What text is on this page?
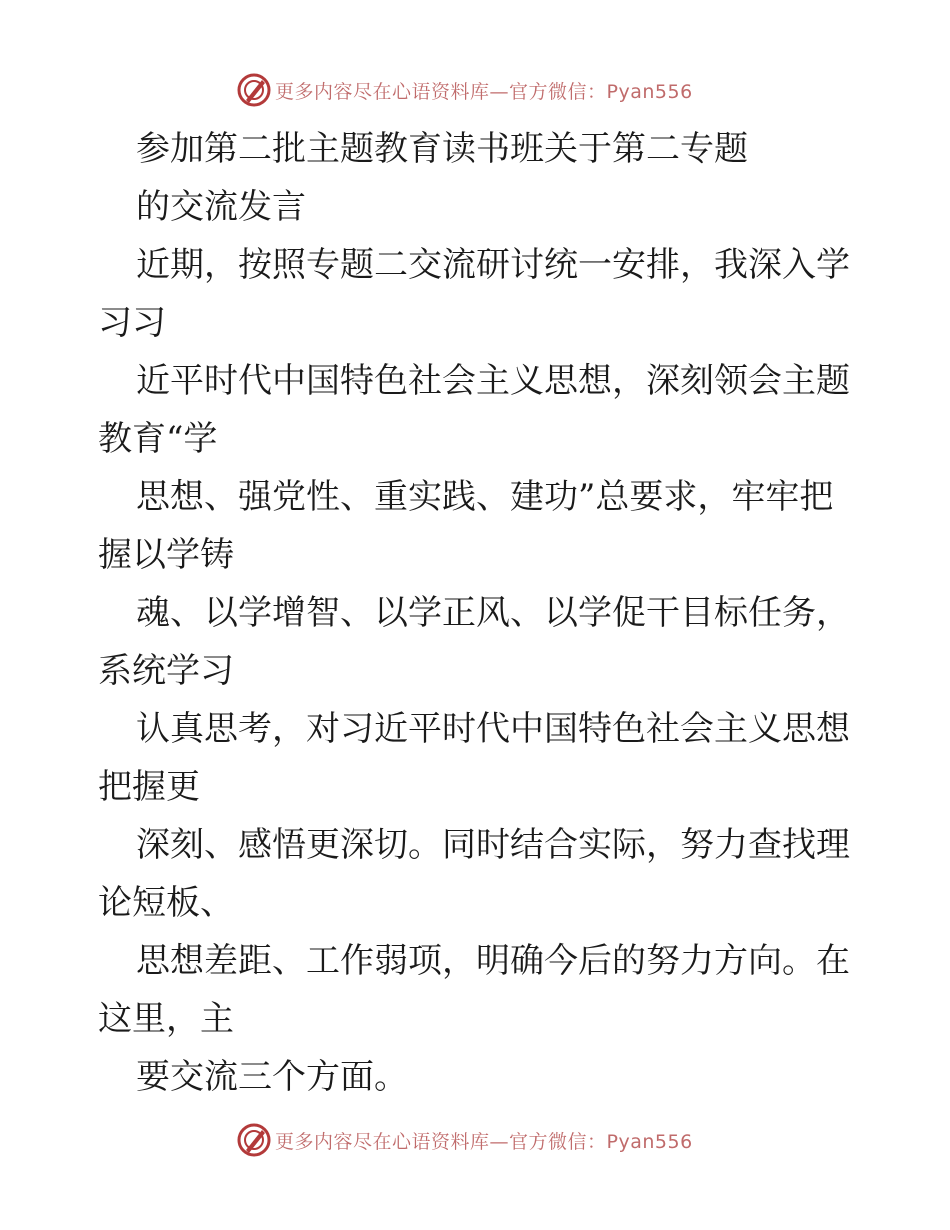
更多内容尽在心语资料库—官方微信：Pyan556

参加第二批主题教育读书班关于第二专题

的交流发言

近期，按照专题二交流研讨统一安排，我深入学

习习

近平时代中国特色社会主义思想，深刻领会主题

教育“学

思想、强党性、重实践、建功”总要求，牢牢把

握以学铸

魂、以学增智、以学正风、以学促干目标任务，

系统学习

认真思考，对习近平时代中国特色社会主义思想

把握更

深刻、感悟更深切。同时结合实际，努力查找理

论短板、

思想差距、工作弱项，明确今后的努力方向。在

这里，主

要交流三个方面。

更多内容尽在心语资料库—官方微信：Pyan556
